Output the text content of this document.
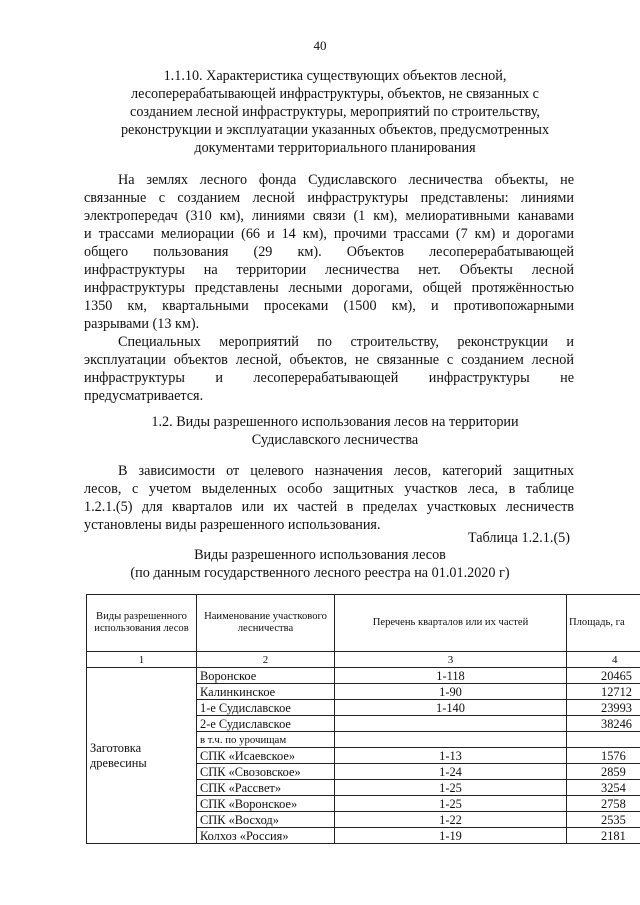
40
1.1.10. Характеристика существующих объектов лесной,
лесоперерабатывающей инфраструктуры, объектов, не связанных с
созданием лесной инфраструктуры, мероприятий по строительству,
реконструкции и эксплуатации указанных объектов, предусмотренных
документами территориального планирования
На землях лесного фонда Судиславского лесничества объекты, не
связанные с созданием лесной инфраструктуры представлены: линиями
электропередач (310 км), линиями связи (1 км), мелиоративными канавами
и трассами мелиорации (66 и 14 км), прочими трассами (7 км) и дорогами
общего пользования (29 км). Объектов лесоперерабатывающей
инфраструктуры на территории лесничества нет. Объекты лесной
инфраструктуры представлены лесными дорогами, общей протяжённостью
1350 км, квартальными просеками (1500 км), и противопожарными
разрывами (13 км).
Специальных мероприятий по строительству, реконструкции и
эксплуатации объектов лесной, объектов, не связанные с созданием лесной
инфраструктуры и лесоперерабатывающей инфраструктуры не
предусматривается.
1.2. Виды разрешенного использования лесов на территории
Судиславского лесничества
В зависимости от целевого назначения лесов, категорий защитных
лесов, с учетом выделенных особо защитных участков леса, в таблице
1.2.1.(5) для кварталов или их частей в пределах участковых лесничеств
установлены виды разрешенного использования.
Таблица 1.2.1.(5)
Виды разрешенного использования лесов
(по данным государственного лесного реестра на 01.01.2020 г)
Виды разрешенного использования лесов	Наименование участкового лесничества	Перечень кварталов или их частей	Площадь, га
1	2	3	4
Заготовка древесины	Воронское	1-118	20465
	Калинкинское	1-90	12712
	1-е Судиславское	1-140	23993
	2-е Судиславское		38246
	в т.ч. по урочищам		
	СПК «Исаевское»	1-13	1576
	СПК «Свозовское»	1-24	2859
	СПК «Рассвет»	1-25	3254
	СПК «Воронское»	1-25	2758
	СПК «Восход»	1-22	2535
	Колхоз «Россия»	1-19	2181
